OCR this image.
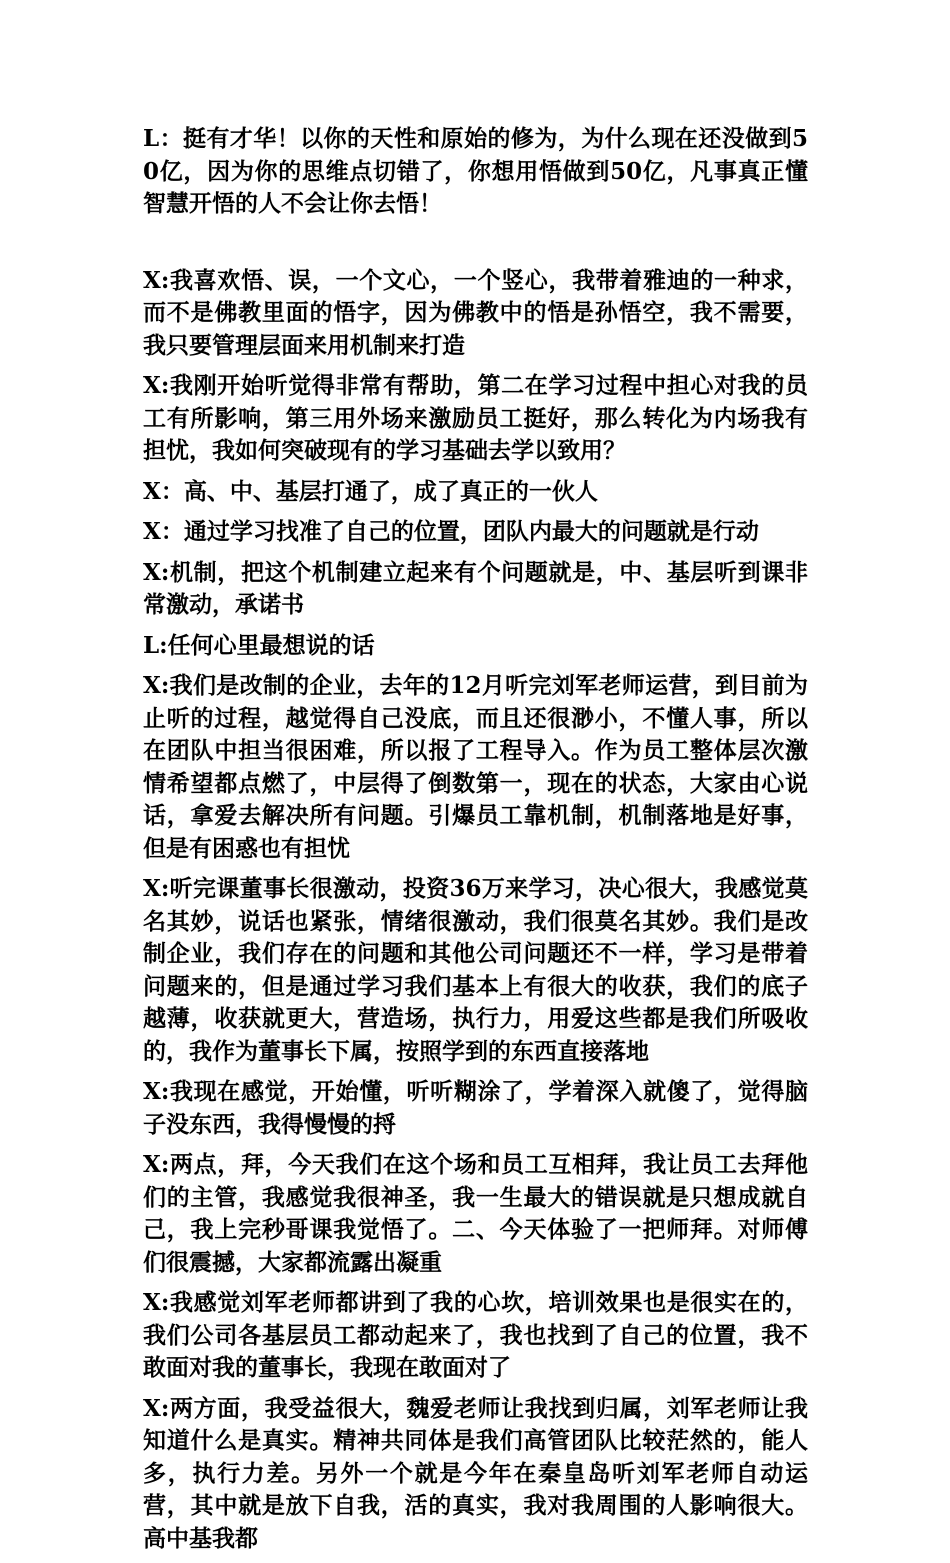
L：挺有才华！以你的天性和原始的修为，为什么现在还没做到50亿，因为你的思维点切错了，你想用悟做到50亿，凡事真正懂智慧开悟的人不会让你去悟！

X:我喜欢悟、误，一个文心，一个竖心，我带着雅迪的一种求，而不是佛教里面的悟字，因为佛教中的悟是孙悟空，我不需要，我只要管理层面来用机制来打造

X:我刚开始听觉得非常有帮助，第二在学习过程中担心对我的员工有所影响，第三用外场来激励员工挺好，那么转化为内场我有担忧，我如何突破现有的学习基础去学以致用？

X：高、中、基层打通了，成了真正的一伙人

X：通过学习找准了自己的位置，团队内最大的问题就是行动

X:机制，把这个机制建立起来有个问题就是，中、基层听到课非常激动，承诺书

L:任何心里最想说的话

X:我们是改制的企业，去年的12月听完刘军老师运营，到目前为止听的过程，越觉得自己没底，而且还很渺小，不懂人事，所以在团队中担当很困难，所以报了工程导入。作为员工整体层次激情希望都点燃了，中层得了倒数第一，现在的状态，大家由心说话，拿爱去解决所有问题。引爆员工靠机制，机制落地是好事，但是有困惑也有担忧

X:听完课董事长很激动，投资36万来学习，决心很大，我感觉莫名其妙，说话也紧张，情绪很激动，我们很莫名其妙。我们是改制企业，我们存在的问题和其他公司问题还不一样，学习是带着问题来的，但是通过学习我们基本上有很大的收获，我们的底子越薄，收获就更大，营造场，执行力，用爱这些都是我们所吸收的，我作为董事长下属，按照学到的东西直接落地

X:我现在感觉，开始懂，听听糊涂了，学着深入就傻了，觉得脑子没东西，我得慢慢的捋

X:两点，拜，今天我们在这个场和员工互相拜，我让员工去拜他们的主管，我感觉我很神圣，我一生最大的错误就是只想成就自己，我上完秒哥课我觉悟了。二、今天体验了一把师拜。对师傅们很震撼，大家都流露出凝重

X:我感觉刘军老师都讲到了我的心坎，培训效果也是很实在的，我们公司各基层员工都动起来了，我也找到了自己的位置，我不敢面对我的董事长，我现在敢面对了

X:两方面，我受益很大，魏爱老师让我找到归属，刘军老师让我知道什么是真实。精神共同体是我们高管团队比较茫然的，能人多，执行力差。另外一个就是今年在秦皇岛听刘军老师自动运营，其中就是放下自我，活的真实，我对我周围的人影响很大。高中基我都
